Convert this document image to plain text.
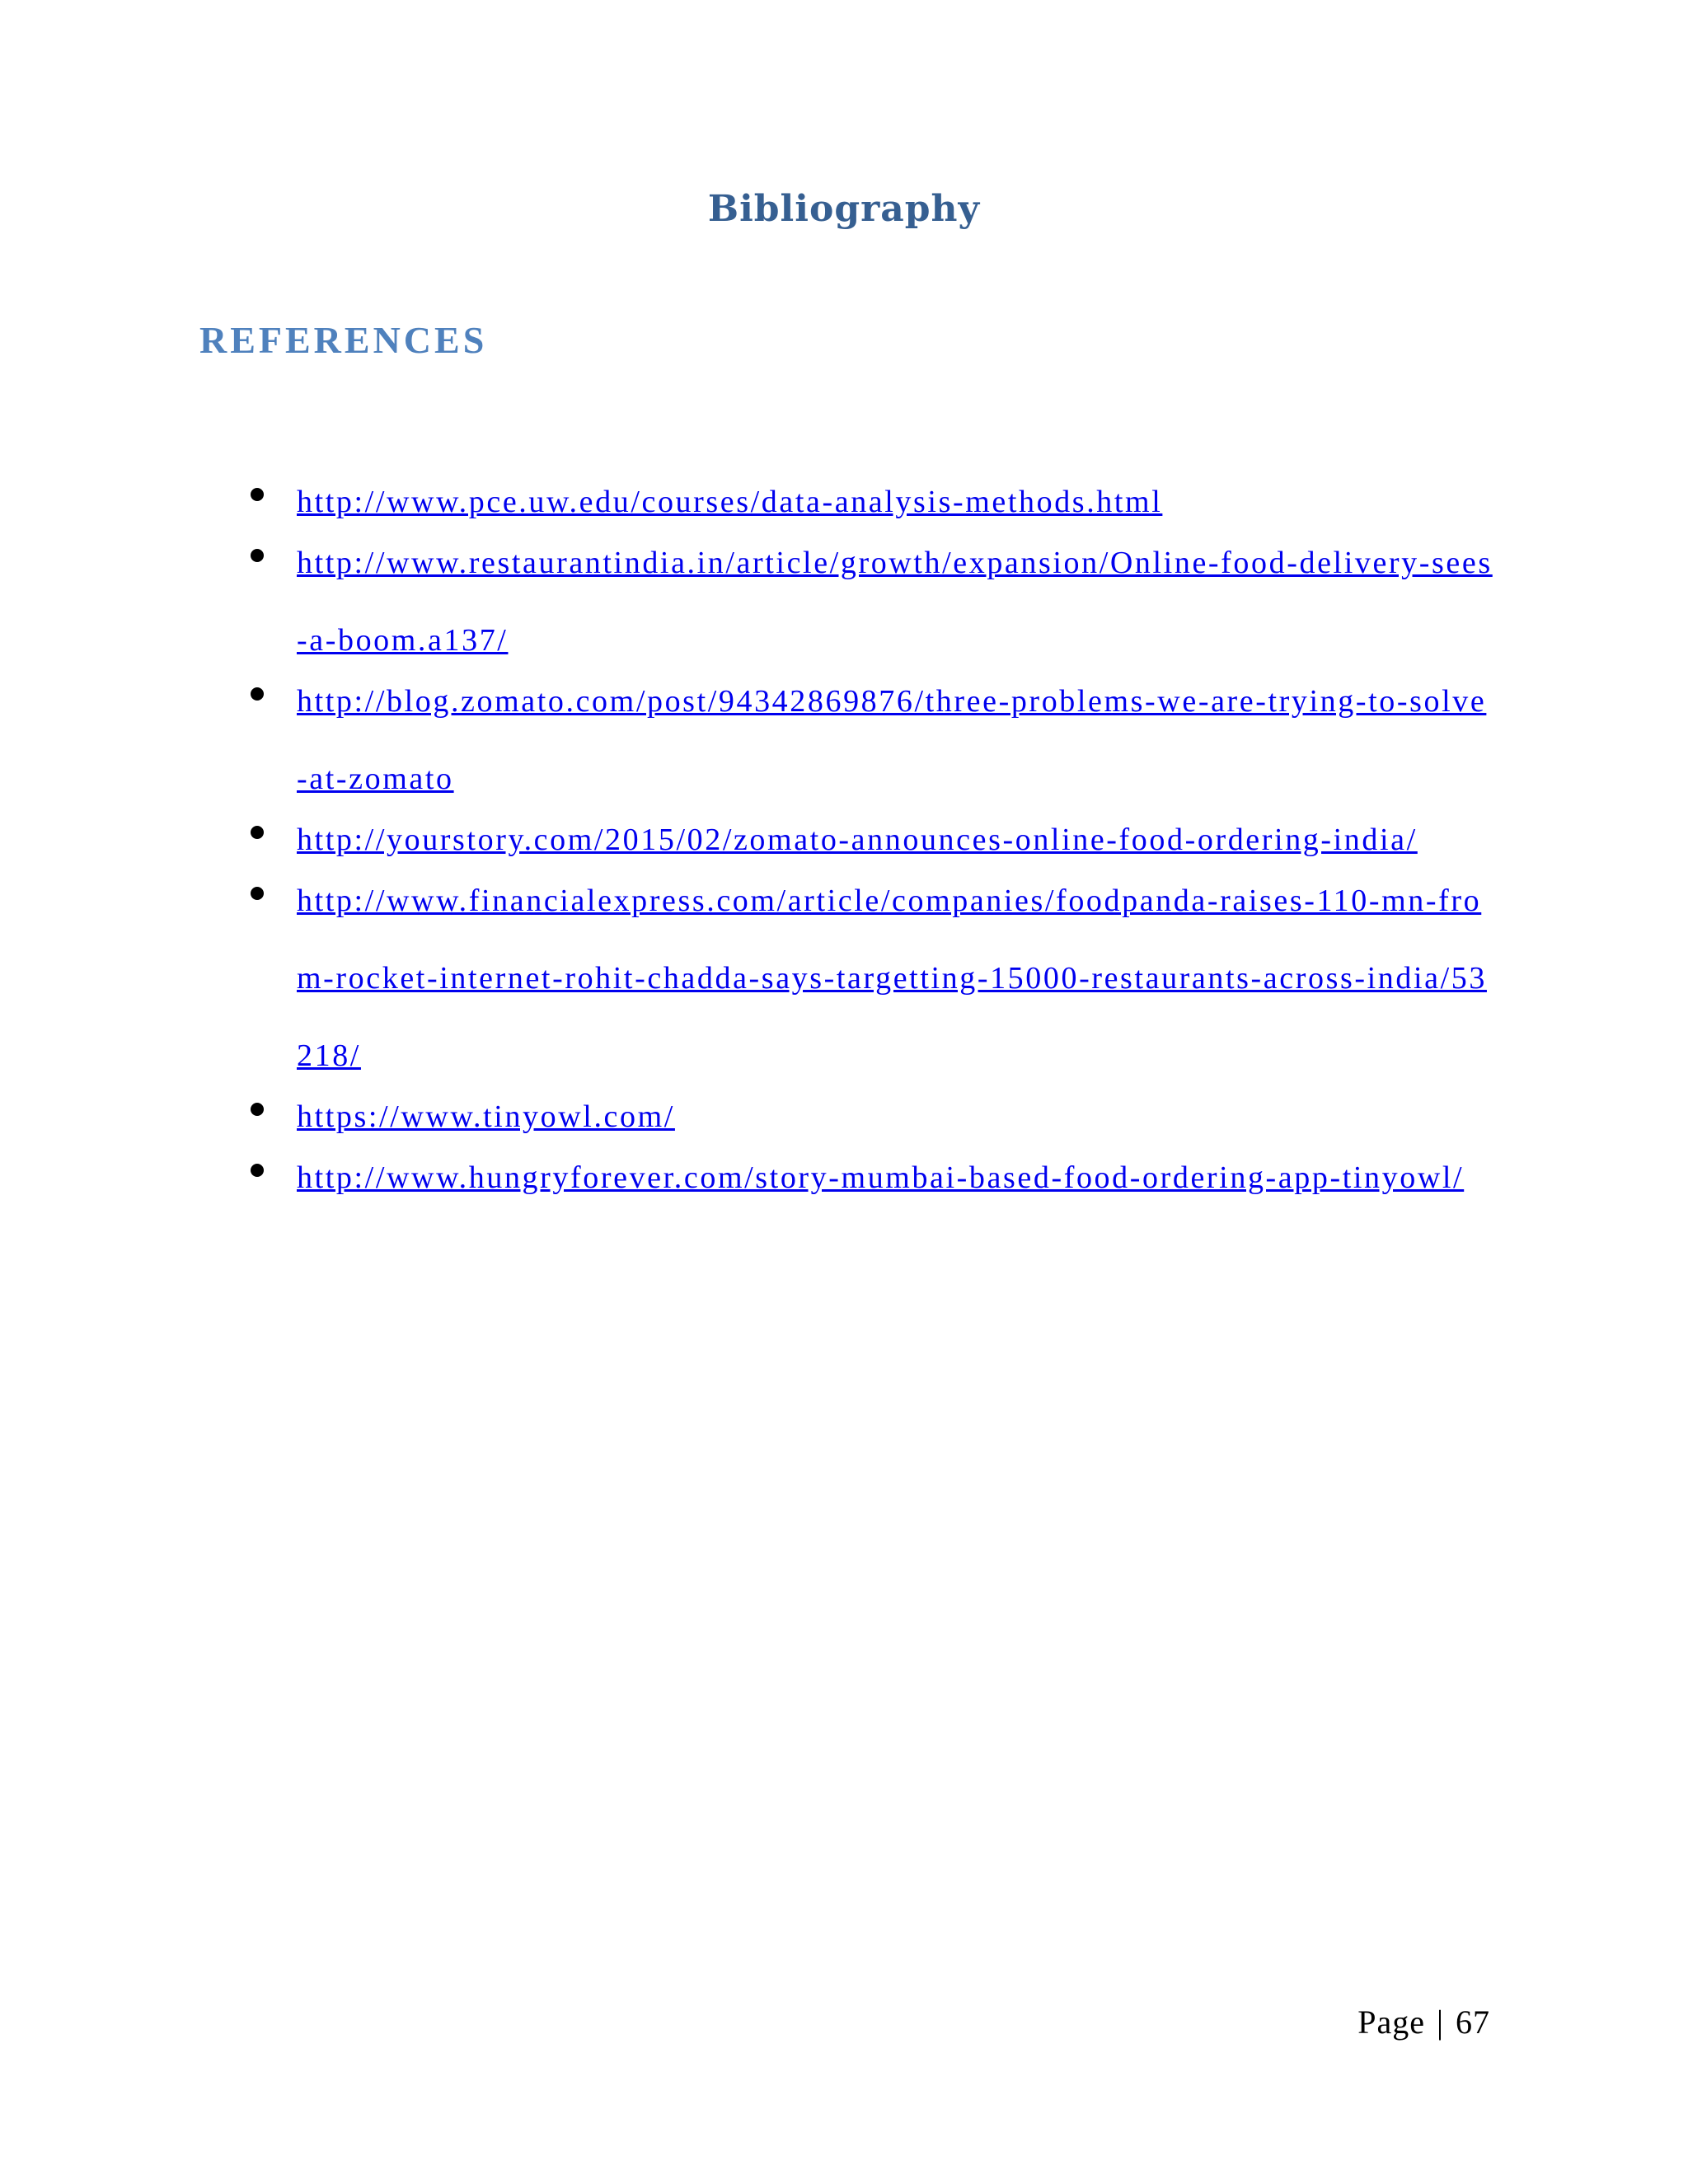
Bibliography
REFERENCES
http://www.pce.uw.edu/courses/data-analysis-methods.html
http://www.restaurantindia.in/article/growth/expansion/Online-food-delivery-sees-a-boom.a137/
http://blog.zomato.com/post/94342869876/three-problems-we-are-trying-to-solve-at-zomato
http://yourstory.com/2015/02/zomato-announces-online-food-ordering-india/
http://www.financialexpress.com/article/companies/foodpanda-raises-110-mn-from-rocket-internet-rohit-chadda-says-targetting-15000-restaurants-across-india/53218/
https://www.tinyowl.com/
http://www.hungryforever.com/story-mumbai-based-food-ordering-app-tinyowl/
Page | 67
